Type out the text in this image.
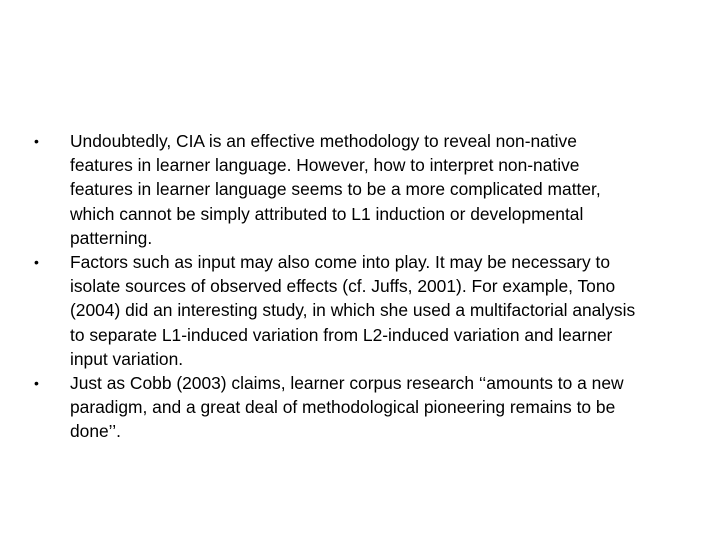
•	Undoubtedly, CIA is an effective methodology to reveal non-native
features in learner language. However, how to interpret non-native
features in learner language seems to be a more complicated matter,
which cannot be simply attributed to L1 induction or developmental
patterning.
•	Factors such as input may also come into play. It may be necessary to
isolate sources of observed effects (cf. Juffs, 2001). For example, Tono
(2004) did an interesting study, in which she used a multifactorial analysis
to separate L1-induced variation from L2-induced variation and learner
input variation.
•	Just as Cobb (2003) claims, learner corpus research ‘‘amounts to a new
paradigm, and a great deal of methodological pioneering remains to be
done’’.
